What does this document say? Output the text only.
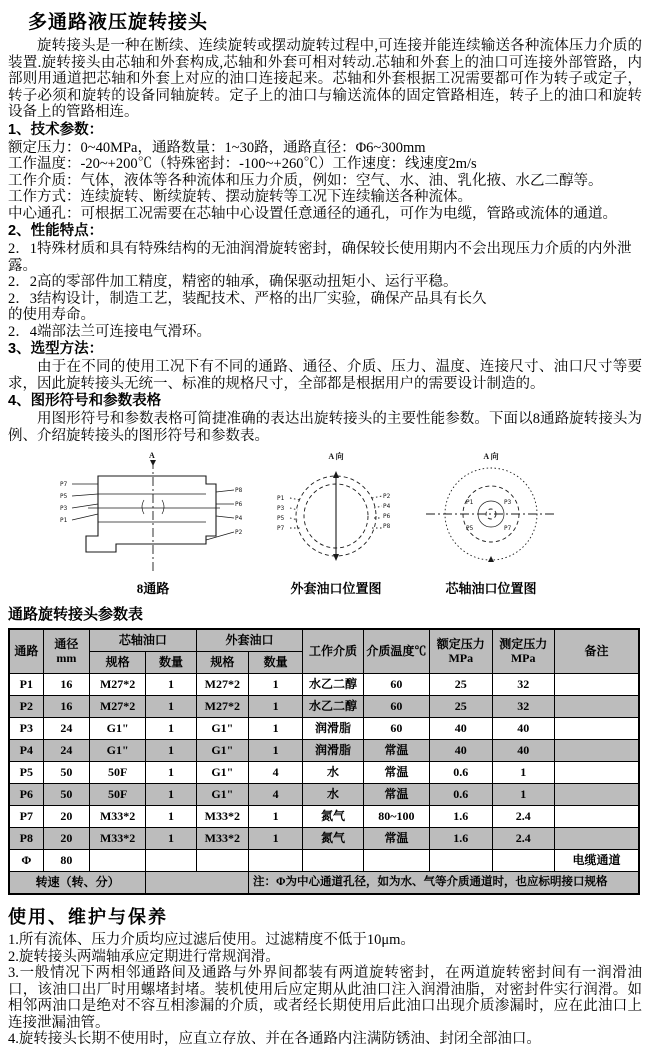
多通路液压旋转接头

旋转接头是一种在断续、连续旋转或摆动旋转过程中,可连接并能连续输送各种流体压力介质的装置.旋转接头由芯轴和外套构成,芯轴和外套可相对转动.芯轴和外套上的油口可连接外部管路，内部则用通道把芯轴和外套上对应的油口连接起来。芯轴和外套根据工况需要都可作为转子或定子，转子必须和旋转的设备同轴旋转。定子上的油口与输送流体的固定管路相连，转子上的油口和旋转设备上的管路相连。

1、技术参数：

额定压力：0~40MPa，通路数量：1~30路，通路直径：Φ6~300mm

工作温度：-20~+200℃（特殊密封：-100~+260℃）工作速度：线速度2m/s

工作介质：气体，液体等各种流体和压力介质，例如：空气、水、油、乳化掖、水乙二醇等。

工作方式：连续旋转、断续旋转、摆动旋转等工况下连续输送各种流体。

中心通孔：可根据工况需要在芯轴中心设置任意通径的通孔，可作为电缆，管路或流体的通道。

2、性能特点：

2．1特殊材质和具有特殊结构的无油润滑旋转密封，确保较长使用期内不会出现压力介质的内外泄露。

2．2高的零部件加工精度，精密的轴承，确保驱动扭矩小、运行平稳。

2．3结构设计，制造工艺，装配技术、严格的出厂实验，确保产品具有长久

的使用寿命。

2．4端部法兰可连接电气滑环。

3、选型方法：

由于在不同的使用工况下有不同的通路、通径、介质、压力、温度、连接尺寸、油口尺寸等要求，因此旋转接头无统一、标准的规格尺寸，全部都是根据用户的需要设计制造的。

4、图形符号和参数表格

用图形符号和参数表格可简捷准确的表达出旋转接头的主要性能参数。下面以8通路旋转接头为例、介绍旋转接头的图形符号和参数表。

A
P7
P5
P3
P1
P8
P6
P4
P2
8通路
A 向
P1
P3
P5
P7
P2
P4
P6
P8
外套油口位置图
A 向
P1	P3
P5	P7
芯轴油口位置图
通路旋转接头参数表
通路	通径mm	芯轴油口		外套油口		工作介质	介质温度℃	额定压力MPa	测定压力MPa	备注
		规格	数量	规格	数量					
P1	16	M27*2	1	M27*2	1	水乙二醇	60	25	32	
P2	16	M27*2	1	M27*2	1	水乙二醇	60	25	32	
P3	24	G1"	1	G1"	1	润滑脂	60	40	40	
P4	24	G1"	1	G1"	1	润滑脂	常温	40	40	
P5	50	50F	1	G1"	4	水	常温	0.6	1	
P6	50	50F	1	G1"	4	水	常温	0.6	1	
P7	20	M33*2	1	M33*2	1	氮气	80~100	1.6	2.4	
P8	20	M33*2	1	M33*2	1	氮气	常温	1.6	2.4	
Φ	80									电缆通道
转速（转、分）					注：Φ为中心通道孔径，如为水、气等介质通道时，也应标明接口规格					
使用、维护与保养

1.所有流体、压力介质均应过滤后使用。过滤精度不低于10μm。

2.旋转接头两端轴承应定期进行常规润滑。

3.一般情况下两相邻通路间及通路与外界间都装有两道旋转密封，在两道旋转密封间有一润滑油口，该油口出厂时用螺堵封堵。装机使用后应定期从此油口注入润滑油脂，对密封件实行润滑。如相邻两油口是绝对不容互相渗漏的介质，或者经长期使用后此油口出现介质渗漏时，应在此油口上连接泄漏油管。

4.旋转接头长期不使用时，应直立存放、并在各通路内注满防锈油、封闭全部油口。
